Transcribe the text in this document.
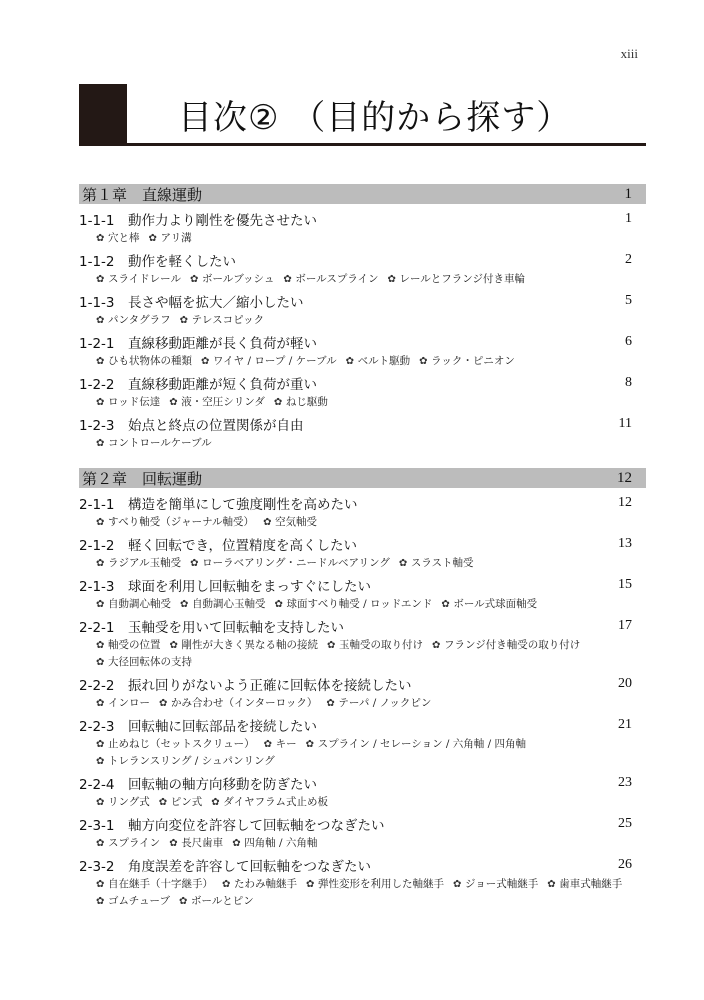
xiii
目次② （目的から探す）
第１章　直線運動	1
1-1-1　動作力より剛性を優先させたい	1
✿ 穴と棒 ✿ アリ溝
1-1-2　動作を軽くしたい	2
✿ スライドレール ✿ ボールブッシュ ✿ ボールスプライン ✿ レールとフランジ付き車輪
1-1-3　長さや幅を拡大／縮小したい	5
✿ パンタグラフ ✿ テレスコピック
1-2-1　直線移動距離が長く負荷が軽い	6
✿ ひも状物体の種類 ✿ ワイヤ / ロープ / ケーブル ✿ ベルト駆動 ✿ ラック・ピニオン
1-2-2　直線移動距離が短く負荷が重い	8
✿ ロッド伝達 ✿ 液・空圧シリンダ ✿ ねじ駆動
1-2-3　始点と終点の位置関係が自由	11
✿ コントロールケーブル
第２章　回転運動	12
2-1-1　構造を簡単にして強度剛性を高めたい	12
✿ すべり軸受（ジャーナル軸受） ✿ 空気軸受
2-1-2　軽く回転でき，位置精度を高くしたい	13
✿ ラジアル玉軸受 ✿ ローラベアリング・ニードルベアリング ✿ スラスト軸受
2-1-3　球面を利用し回転軸をまっすぐにしたい	15
✿ 自動調心軸受 ✿ 自動調心玉軸受 ✿ 球面すべり軸受 / ロッドエンド ✿ ボール式球面軸受
2-2-1　玉軸受を用いて回転軸を支持したい	17
✿ 軸受の位置 ✿ 剛性が大きく異なる軸の接続 ✿ 玉軸受の取り付け ✿ フランジ付き軸受の取り付け
✿ 大径回転体の支持
2-2-2　振れ回りがないよう正確に回転体を接続したい	20
✿ インロー ✿ かみ合わせ（インターロック） ✿ テーパ / ノックピン
2-2-3　回転軸に回転部品を接続したい	21
✿ 止めねじ（セットスクリュー） ✿ キー ✿ スプライン / セレーション / 六角軸 / 四角軸
✿ トレランスリング / シュパンリング
2-2-4　回転軸の軸方向移動を防ぎたい	23
✿ リング式 ✿ ピン式 ✿ ダイヤフラム式止め板
2-3-1　軸方向変位を許容して回転軸をつなぎたい	25
✿ スプライン ✿ 長尺歯車 ✿ 四角軸 / 六角軸
2-3-2　角度誤差を許容して回転軸をつなぎたい	26
✿ 自在継手（十字継手） ✿ たわみ軸継手 ✿ 弾性変形を利用した軸継手 ✿ ジョー式軸継手 ✿ 歯車式軸継手
✿ ゴムチューブ ✿ ボールとピン
